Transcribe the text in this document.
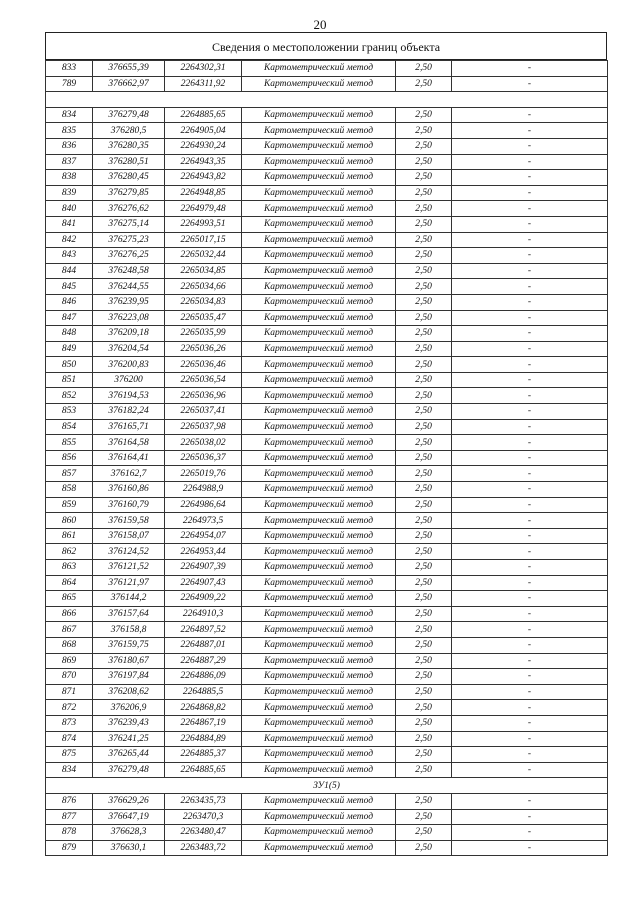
20
Сведения о местоположении границ объекта
833	376655,39	2264302,31	Картометрический метод	2,50	-
789	376662,97	2264311,92	Картометрический метод	2,50	-

834	376279,48	2264885,65	Картометрический метод	2,50	-
835	376280,5	2264905,04	Картометрический метод	2,50	-
836	376280,35	2264930,24	Картометрический метод	2,50	-
837	376280,51	2264943,35	Картометрический метод	2,50	-
838	376280,45	2264943,82	Картометрический метод	2,50	-
839	376279,85	2264948,85	Картометрический метод	2,50	-
840	376276,62	2264979,48	Картометрический метод	2,50	-
841	376275,14	2264993,51	Картометрический метод	2,50	-
842	376275,23	2265017,15	Картометрический метод	2,50	-
843	376276,25	2265032,44	Картометрический метод	2,50	-
844	376248,58	2265034,85	Картометрический метод	2,50	-
845	376244,55	2265034,66	Картометрический метод	2,50	-
846	376239,95	2265034,83	Картометрический метод	2,50	-
847	376223,08	2265035,47	Картометрический метод	2,50	-
848	376209,18	2265035,99	Картометрический метод	2,50	-
849	376204,54	2265036,26	Картометрический метод	2,50	-
850	376200,83	2265036,46	Картометрический метод	2,50	-
851	376200	2265036,54	Картометрический метод	2,50	-
852	376194,53	2265036,96	Картометрический метод	2,50	-
853	376182,24	2265037,41	Картометрический метод	2,50	-
854	376165,71	2265037,98	Картометрический метод	2,50	-
855	376164,58	2265038,02	Картометрический метод	2,50	-
856	376164,41	2265036,37	Картометрический метод	2,50	-
857	376162,7	2265019,76	Картометрический метод	2,50	-
858	376160,86	2264988,9	Картометрический метод	2,50	-
859	376160,79	2264986,64	Картометрический метод	2,50	-
860	376159,58	2264973,5	Картометрический метод	2,50	-
861	376158,07	2264954,07	Картометрический метод	2,50	-
862	376124,52	2264953,44	Картометрический метод	2,50	-
863	376121,52	2264907,39	Картометрический метод	2,50	-
864	376121,97	2264907,43	Картометрический метод	2,50	-
865	376144,2	2264909,22	Картометрический метод	2,50	-
866	376157,64	2264910,3	Картометрический метод	2,50	-
867	376158,8	2264897,52	Картометрический метод	2,50	-
868	376159,75	2264887,01	Картометрический метод	2,50	-
869	376180,67	2264887,29	Картометрический метод	2,50	-
870	376197,84	2264886,09	Картометрический метод	2,50	-
871	376208,62	2264885,5	Картометрический метод	2,50	-
872	376206,9	2264868,82	Картометрический метод	2,50	-
873	376239,43	2264867,19	Картометрический метод	2,50	-
874	376241,25	2264884,89	Картометрический метод	2,50	-
875	376265,44	2264885,37	Картометрический метод	2,50	-
834	376279,48	2264885,65	Картометрический метод	2,50	-
ЗУ1(5)					
876	376629,26	2263435,73	Картометрический метод	2,50	-
877	376647,19	2263470,3	Картометрический метод	2,50	-
878	376628,3	2263480,47	Картометрический метод	2,50	-
879	376630,1	2263483,72	Картометрический метод	2,50	-
